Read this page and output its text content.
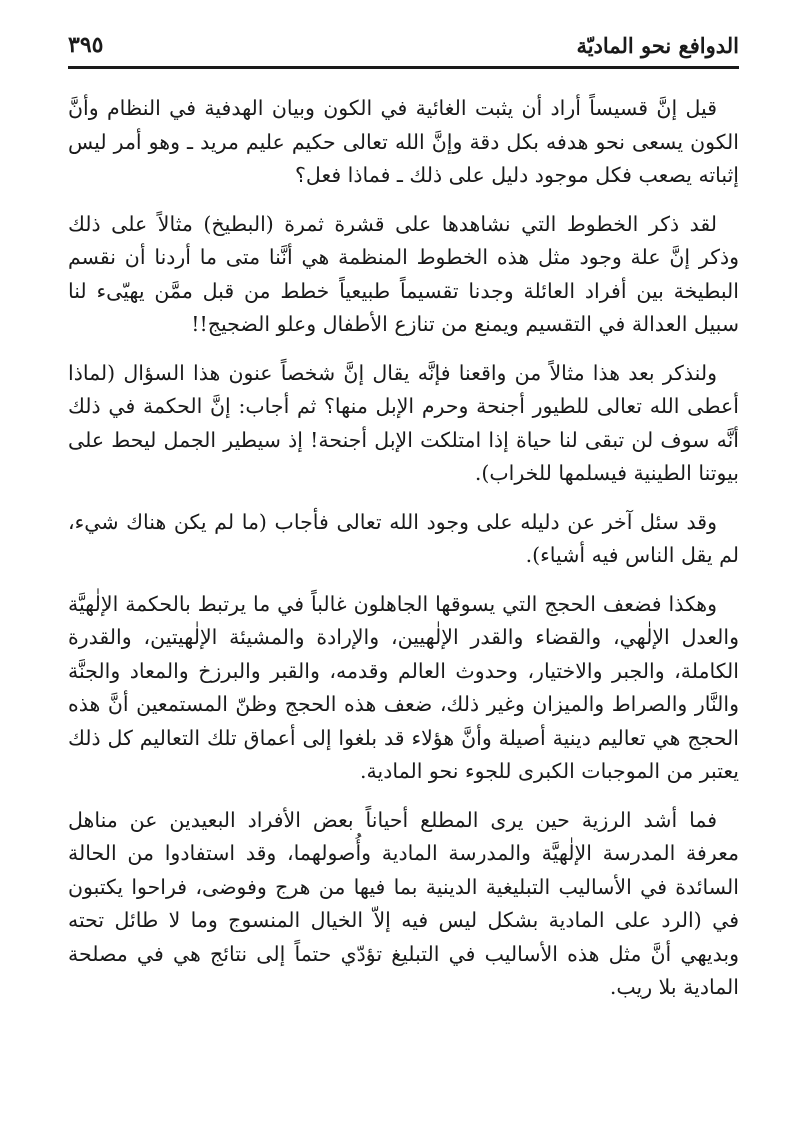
الدوافع نحو الماديّة
٣٩٥

قيل إنَّ قسيساً أراد أن يثبت الغائية في الكون وبيان الهدفية في النظام وأنَّ الكون يسعى نحو هدفه بكل دقة وإنَّ الله تعالى حكيم عليم مريد ـ وهو أمر ليس إثباته يصعب فكل موجود دليل على ذلك ـ فماذا فعل؟

لقد ذكر الخطوط التي نشاهدها على قشرة ثمرة (البطيخ) مثالاً على ذلك وذكر إنَّ علة وجود مثل هذه الخطوط المنظمة هي أنَّنا متى ما أردنا أن نقسم البطيخة بين أفراد العائلة وجدنا تقسيماً طبيعياً خطط من قبل ممَّن يهيّىء لنا سبيل العدالة في التقسيم ويمنع من تنازع الأطفال وعلو الضجيج!!

ولنذكر بعد هذا مثالاً من واقعنا فإنَّه يقال إنَّ شخصاً عنون هذا السؤال (لماذا أعطى الله تعالى للطيور أجنحة وحرم الإبل منها؟ ثم أجاب: إنَّ الحكمة في ذلك أنَّه سوف لن تبقى لنا حياة إذا امتلكت الإبل أجنحة! إذ سيطير الجمل ليحط على بيوتنا الطينية فيسلمها للخراب).

وقد سئل آخر عن دليله على وجود الله تعالى فأجاب (ما لم يكن هناك شيء، لم يقل الناس فيه أشياء).

وهكذا فضعف الحجج التي يسوقها الجاهلون غالباً في ما يرتبط بالحكمة الإلٰهيَّة والعدل الإلٰهي، والقضاء والقدر الإلٰهيين، والإرادة والمشيئة الإلٰهيتين، والقدرة الكاملة، والجبر والاختيار، وحدوث العالم وقدمه، والقبر والبرزخ والمعاد والجنَّة والنَّار والصراط والميزان وغير ذلك، ضعف هذه الحجج وظنّ المستمعين أنَّ هذه الحجج هي تعاليم دينية أصيلة وأنَّ هؤلاء قد بلغوا إلى أعماق تلك التعاليم كل ذلك يعتبر من الموجبات الكبرى للجوء نحو المادية.

فما أشد الرزية حين يرى المطلع أحياناً بعض الأفراد البعيدين عن مناهل معرفة المدرسة الإلٰهيَّة والمدرسة المادية وأُصولهما، وقد استفادوا من الحالة السائدة في الأساليب التبليغية الدينية بما فيها من هرج وفوضى، فراحوا يكتبون في (الرد على المادية بشكل ليس فيه إلاّ الخيال المنسوج وما لا طائل تحته وبديهي أنَّ مثل هذه الأساليب في التبليغ تؤدّي حتماً إلى نتائج هي في مصلحة المادية بلا ريب.
